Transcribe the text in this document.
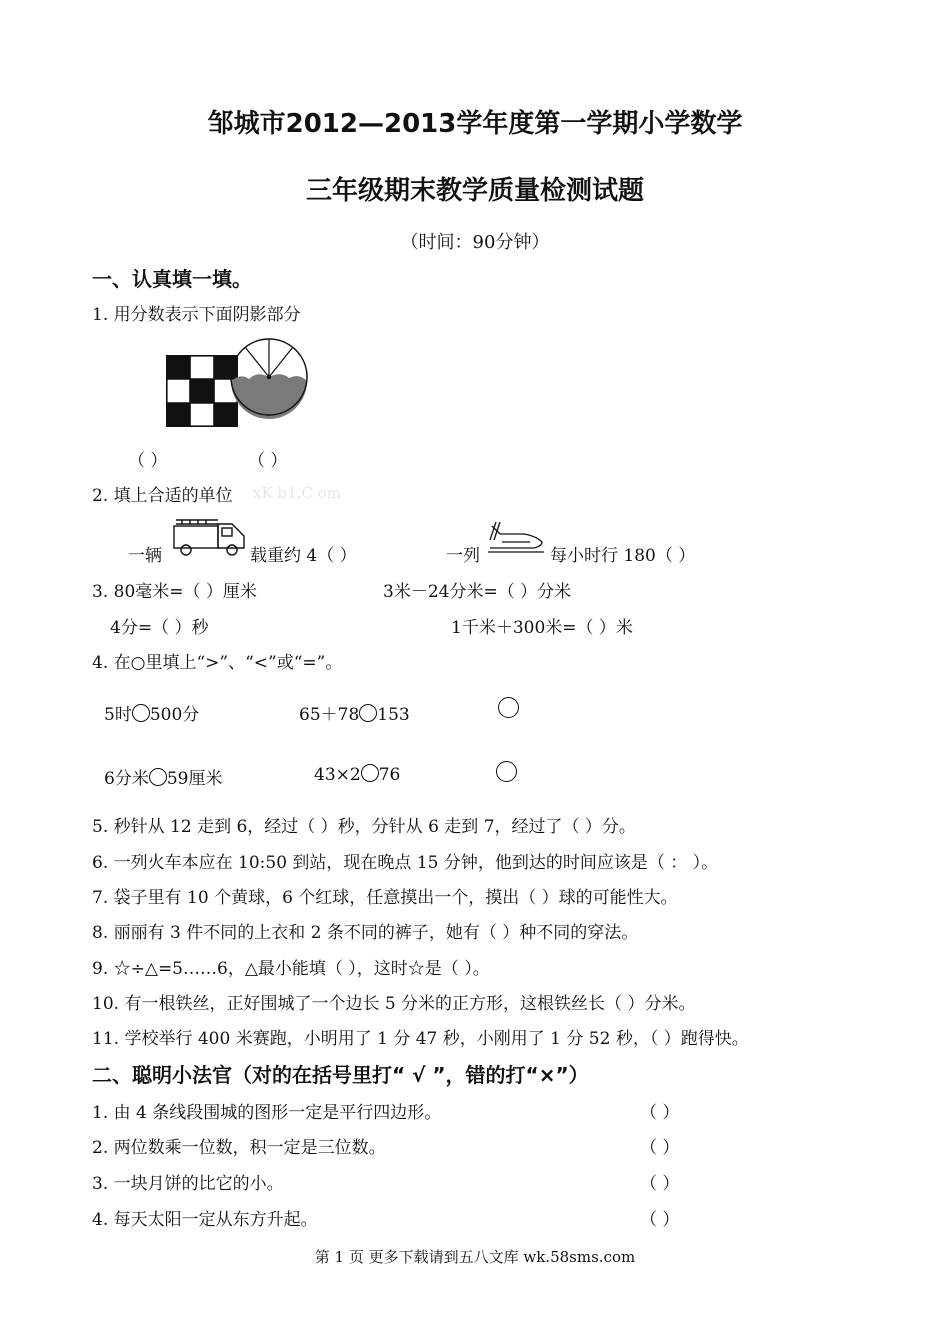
邹城市2012—2013学年度第一学期小学数学
三年级期末教学质量检测试题
（时间：90分钟）
一、认真填一填。
1. 用分数表示下面阴影部分
（ ）	（ ）
2. 填上合适的单位 xK b1.C om
一辆	载重约 4（ ）	一列	每小时行 180（ ）
3. 80毫米=（ ）厘米	3米－24分米=（ ）分米
4分=（ ）秒	1千米＋300米=（ ）米
4. 在○里填上“>”、“<”或“=”。
5时 500分	65＋78 153
6分米 59厘米	43×2 76
5. 秒针从 12 走到 6，经过（ ）秒，分针从 6 走到 7，经过了（ ）分。
6. 一列火车本应在 10:50 到站，现在晚点 15 分钟，他到达的时间应该是（ ： ）。
7. 袋子里有 10 个黄球，6 个红球，任意摸出一个，摸出（ ）球的可能性大。
8. 丽丽有 3 件不同的上衣和 2 条不同的裤子，她有（ ）种不同的穿法。
9. ☆÷△=5……6，△最小能填（ ），这时☆是（ ）。
10. 有一根铁丝，正好围城了一个边长 5 分米的正方形，这根铁丝长（ ）分米。
11. 学校举行 400 米赛跑，小明用了 1 分 47 秒，小刚用了 1 分 52 秒，（ ）跑得快。
二、聪明小法官（对的在括号里打“ √ ”，错的打“×”）
1. 由 4 条线段围城的图形一定是平行四边形。	（ ）
2. 两位数乘一位数，积一定是三位数。	（ ）
3. 一块月饼的比它的小。	（ ）
4. 每天太阳一定从东方升起。	（ ）
第 1 页 更多下载请到五八文库 wk.58sms.com
